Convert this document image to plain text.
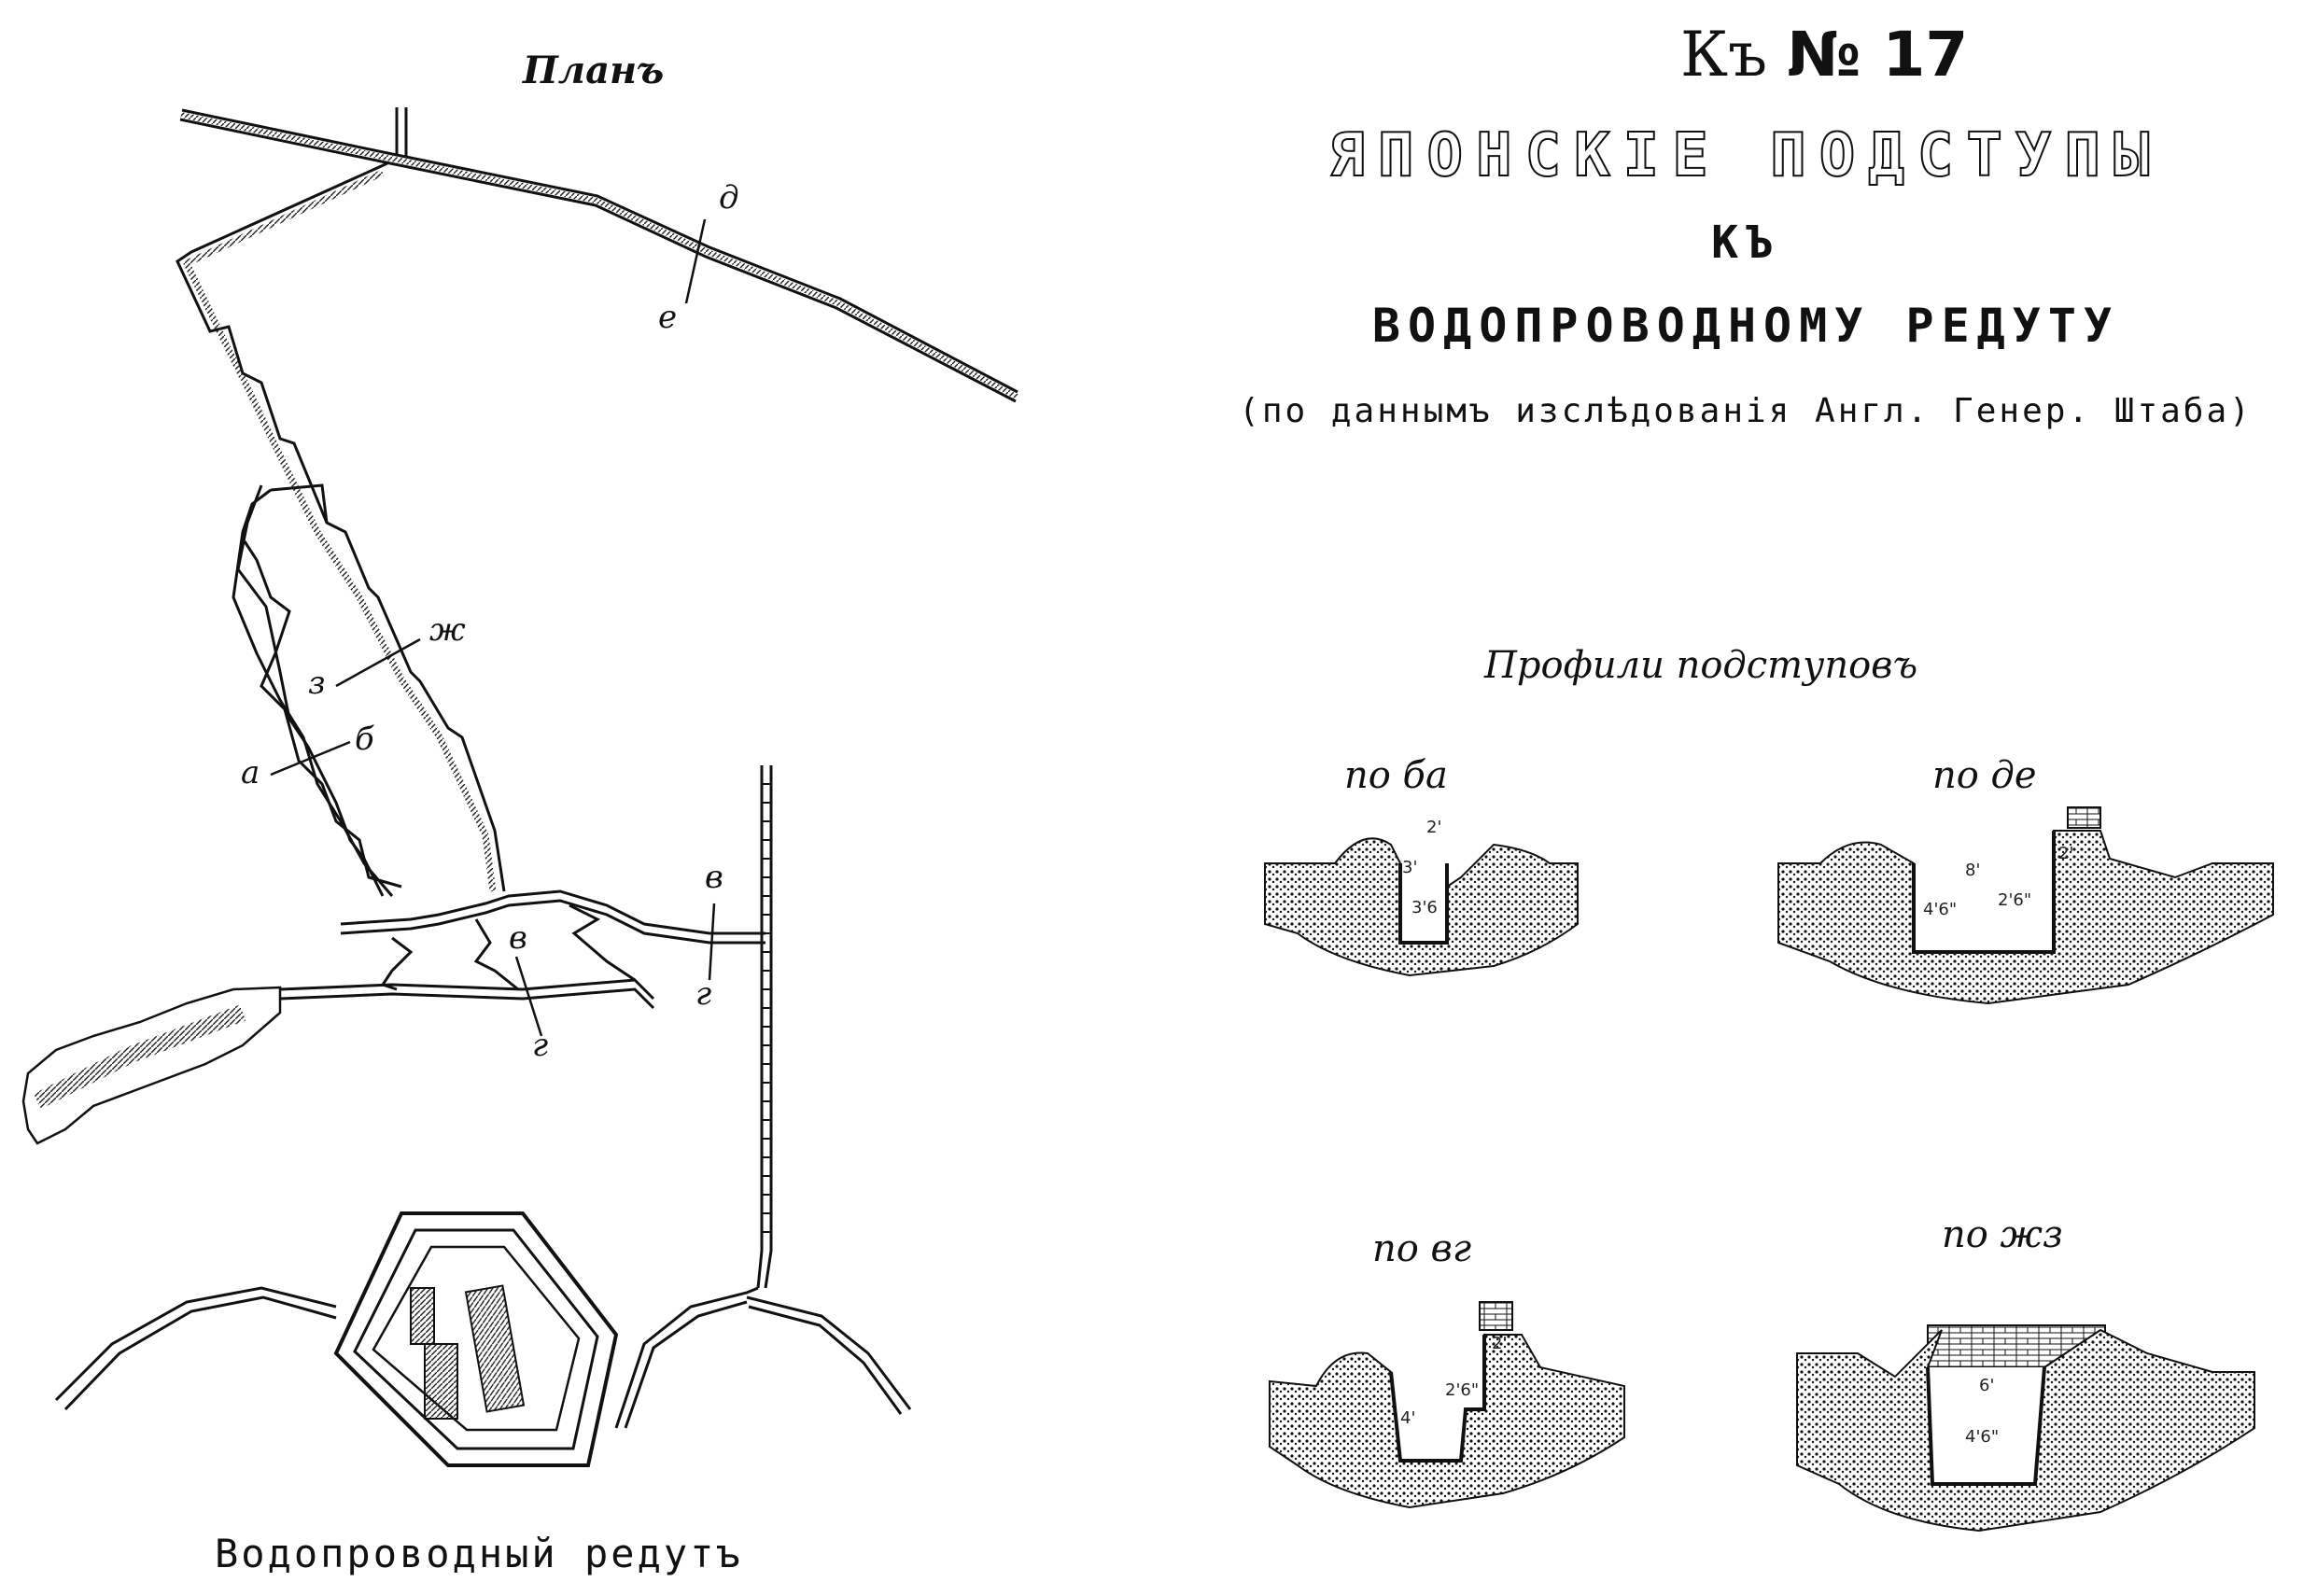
Планъ
д
е
ж
з
а
б
в
г
в
г
Водопроводный редутъ
Къ № 17
ЯПОНСКІЕ ПОДСТУПЫ
КЪ
ВОДОПРОВОДНОМУ РЕДУТУ
(по даннымъ изслѣдованія Англ. Генер. Штаба)
Профили подступовъ
по ба	по де
по вг	по жз
3'
3'6
2'
8'
2'
4'6" 2'6"
2'
4'
2'6"	6'
4'6"
